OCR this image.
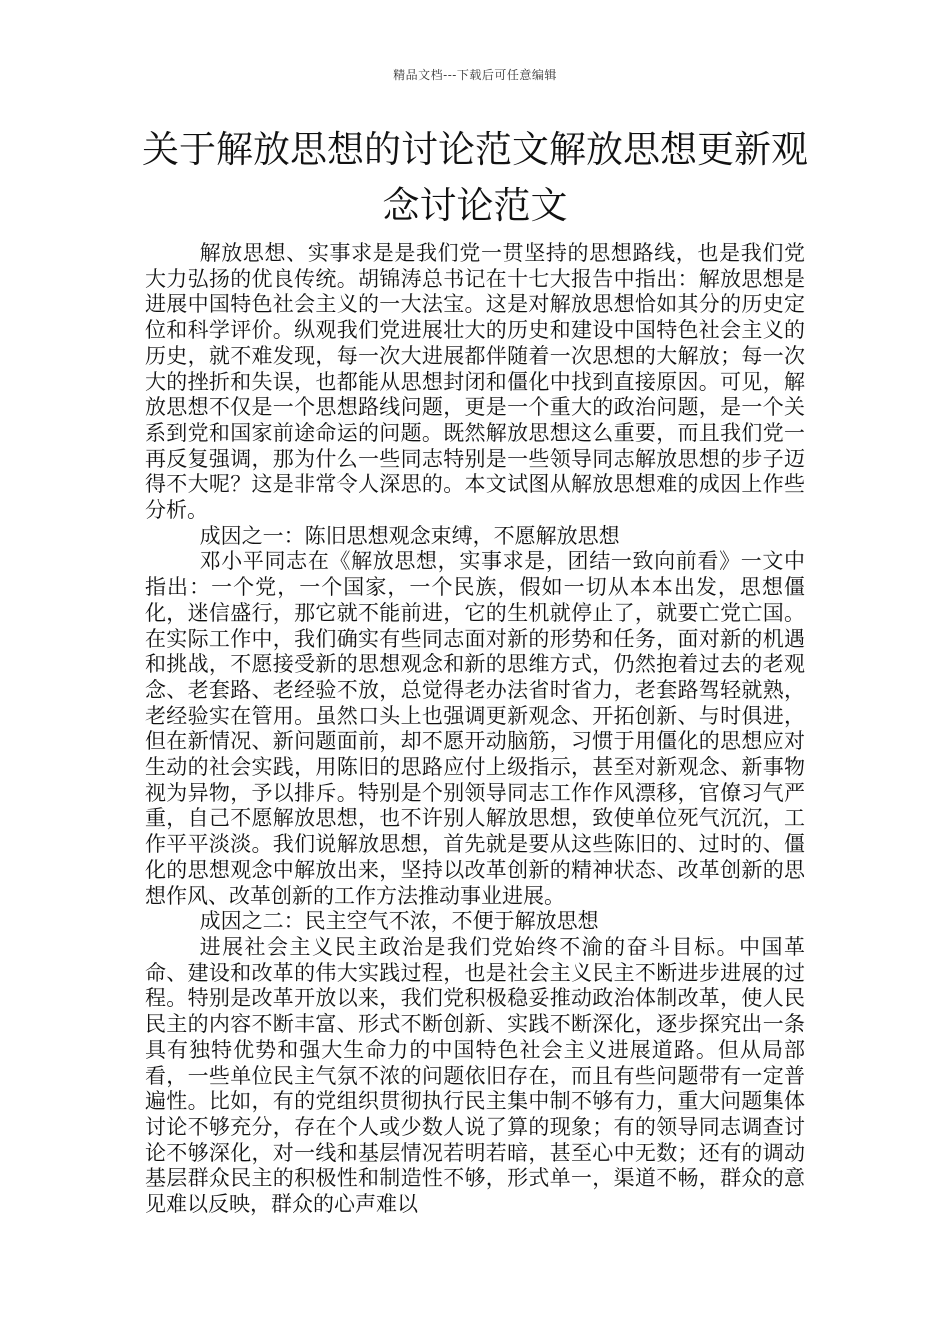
精品文档---下载后可任意编辑
关于解放思想的讨论范文解放思想更新观念讨论范文

解放思想、实事求是是我们党一贯坚持的思想路线，也是我们党大力弘扬的优良传统。胡锦涛总书记在十七大报告中指出：解放思想是进展中国特色社会主义的一大法宝。这是对解放思想恰如其分的历史定位和科学评价。纵观我们党进展壮大的历史和建设中国特色社会主义的历史，就不难发现，每一次大进展都伴随着一次思想的大解放；每一次大的挫折和失误，也都能从思想封闭和僵化中找到直接原因。可见，解放思想不仅是一个思想路线问题，更是一个重大的政治问题，是一个关系到党和国家前途命运的问题。既然解放思想这么重要，而且我们党一再反复强调，那为什么一些同志特别是一些领导同志解放思想的步子迈得不大呢？这是非常令人深思的。本文试图从解放思想难的成因上作些分析。

成因之一：陈旧思想观念束缚，不愿解放思想

邓小平同志在《解放思想，实事求是，团结一致向前看》一文中指出：一个党，一个国家，一个民族，假如一切从本本出发，思想僵化，迷信盛行，那它就不能前进，它的生机就停止了，就要亡党亡国。在实际工作中，我们确实有些同志面对新的形势和任务，面对新的机遇和挑战，不愿接受新的思想观念和新的思维方式，仍然抱着过去的老观念、老套路、老经验不放，总觉得老办法省时省力，老套路驾轻就熟，老经验实在管用。虽然口头上也强调更新观念、开拓创新、与时俱进，但在新情况、新问题面前，却不愿开动脑筋，习惯于用僵化的思想应对生动的社会实践，用陈旧的思路应付上级指示，甚至对新观念、新事物视为异物，予以排斥。特别是个别领导同志工作作风漂移，官僚习气严重，自己不愿解放思想，也不许别人解放思想，致使单位死气沉沉，工作平平淡淡。我们说解放思想，首先就是要从这些陈旧的、过时的、僵化的思想观念中解放出来，坚持以改革创新的精神状态、改革创新的思想作风、改革创新的工作方法推动事业进展。

成因之二：民主空气不浓，不便于解放思想

进展社会主义民主政治是我们党始终不渝的奋斗目标。中国革命、建设和改革的伟大实践过程，也是社会主义民主不断进步进展的过程。特别是改革开放以来，我们党积极稳妥推动政治体制改革，使人民民主的内容不断丰富、形式不断创新、实践不断深化，逐步探究出一条具有独特优势和强大生命力的中国特色社会主义进展道路。但从局部看，一些单位民主气氛不浓的问题依旧存在，而且有些问题带有一定普遍性。比如，有的党组织贯彻执行民主集中制不够有力，重大问题集体讨论不够充分，存在个人或少数人说了算的现象；有的领导同志调查讨论不够深化，对一线和基层情况若明若暗，甚至心中无数；还有的调动基层群众民主的积极性和制造性不够，形式单一，渠道不畅，群众的意见难以反映，群众的心声难以
